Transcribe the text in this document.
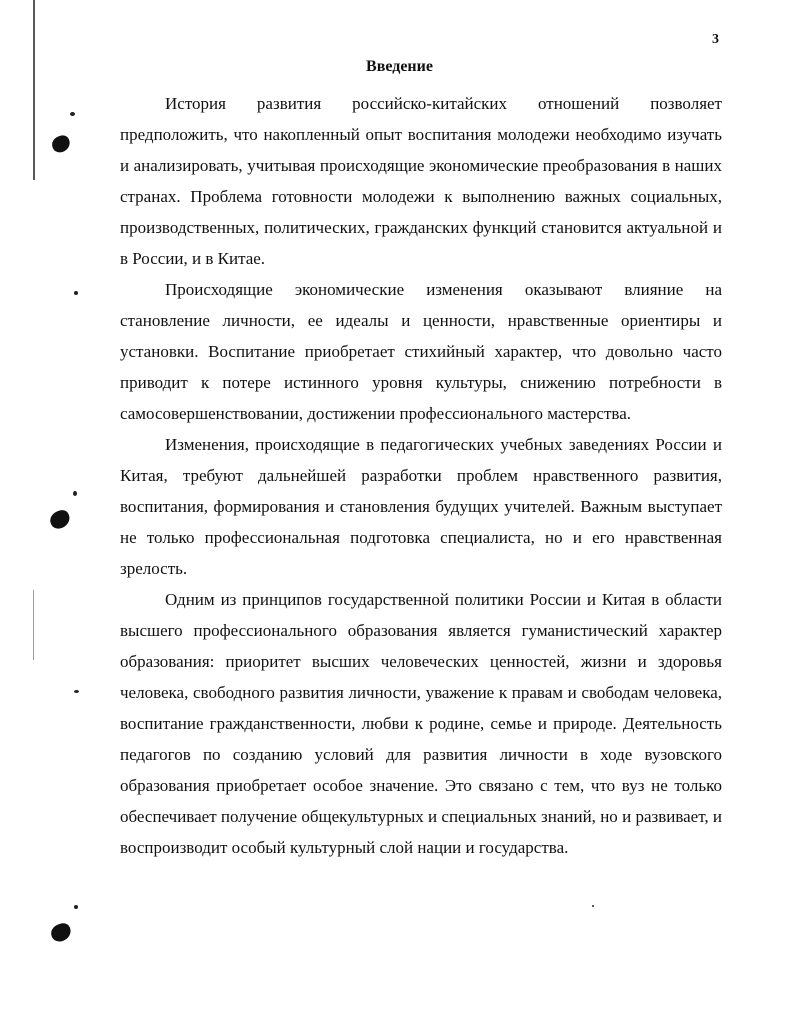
3
Введение

История развития российско-китайских отношений позволяет предположить, что накопленный опыт воспитания молодежи необходимо изучать и анализировать, учитывая происходящие экономические преобразования в наших странах. Проблема готовности молодежи к выполнению важных социальных, производственных, политических, гражданских функций становится актуальной и в России, и в Китае.

Происходящие экономические изменения оказывают влияние на становление личности, ее идеалы и ценности, нравственные ориентиры и установки. Воспитание приобретает стихийный характер, что довольно часто приводит к потере истинного уровня культуры, снижению потребности в самосовершенствовании, достижении профессионального мастерства.

Изменения, происходящие в педагогических учебных заведениях России и Китая, требуют дальнейшей разработки проблем нравственного развития, воспитания, формирования и становления будущих учителей. Важным выступает не только профессиональная подготовка специалиста, но и его нравственная зрелость.

Одним из принципов государственной политики России и Китая в области высшего профессионального образования является гуманистический характер образования: приоритет высших человеческих ценностей, жизни и здоровья человека, свободного развития личности, уважение к правам и свободам человека, воспитание гражданственности, любви к родине, семье и природе. Деятельность педагогов по созданию условий для развития личности в ходе вузовского образования приобретает особое значение. Это связано с тем, что вуз не только обеспечивает получение общекультурных и специальных знаний, но и развивает, и воспроизводит особый культурный слой нации и государства.
